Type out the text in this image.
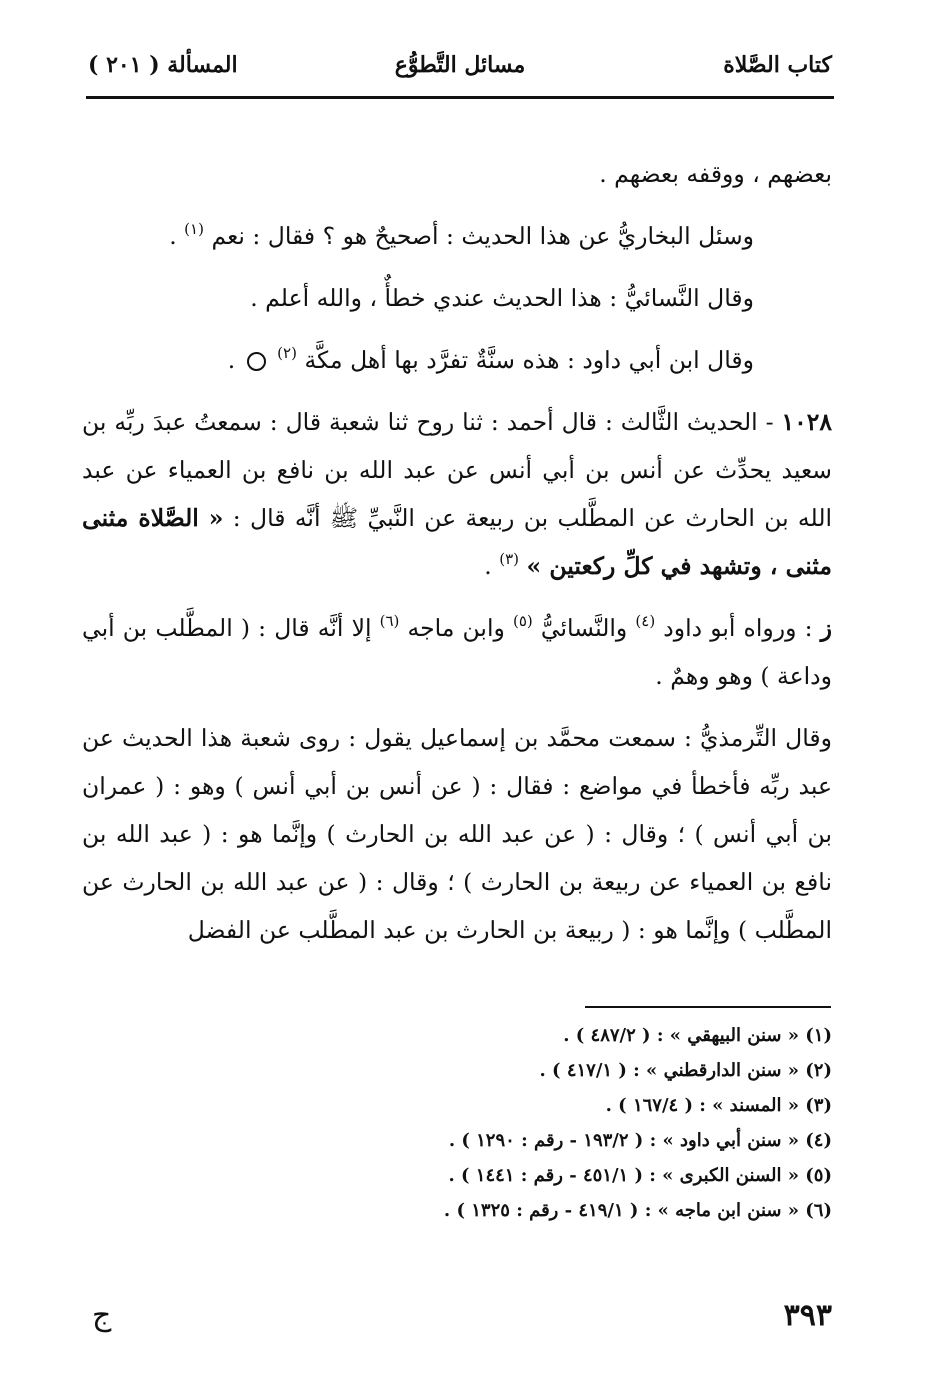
كتاب الصَّلاة
مسائل التَّطوُّع
المسألة ( ٢٠١ )

بعضهم ، ووقفه بعضهم .

وسئل البخاريُّ عن هذا الحديث : أصحيحٌ هو ؟ فقال : نعم $^{(١)}$ .

وقال النَّسائيُّ : هذا الحديث عندي خطأٌ ، والله أعلم .

وقال ابن أبي داود : هذه سنَّةٌ تفرَّد بها أهل مكَّة $^{(٢)}$  .

١٠٢٨ - الحديث الثَّالث : قال أحمد : ثنا روح ثنا شعبة قال : سمعتُ عبدَ ربِّه بن سعيد يحدِّث عن أنس بن أبي أنس عن عبد الله بن نافع بن العمياء عن عبد الله بن الحارث عن المطَّلب بن ربيعة عن النَّبيِّ ﷺ أنَّه قال : « الصَّلاة مثنى مثنى ، وتشهد في كلِّ ركعتين » $^{(٣)}$ .

ز : ورواه أبو داود $^{(٤)}$ والنَّسائيُّ $^{(٥)}$ وابن ماجه $^{(٦)}$ إلا أنَّه قال : ( المطَّلب بن أبي وداعة ) وهو وهمٌ .

وقال التِّرمذيُّ : سمعت محمَّد بن إسماعيل يقول : روى شعبة هذا الحديث عن عبد ربِّه فأخطأ في مواضع : فقال : ( عن أنس بن أبي أنس ) وهو : ( عمران بن أبي أنس ) ؛ وقال : ( عن عبد الله بن الحارث ) وإنَّما هو : ( عبد الله بن نافع بن العمياء عن ربيعة بن الحارث ) ؛ وقال : ( عن عبد الله بن الحارث عن المطَّلب ) وإنَّما هو : ( ربيعة بن الحارث بن عبد المطَّلب عن الفضل

(١) « سنن البيهقي » : ( ٤٨٧/٢ ) .
(٢) « سنن الدارقطني » : ( ٤١٧/١ ) .
(٣) « المسند » : ( ١٦٧/٤ ) .
(٤) « سنن أبي داود » : ( ١٩٣/٢ - رقم : ١٢٩٠ ) .
(٥) « السنن الكبرى » : ( ٤٥١/١ - رقم : ١٤٤١ ) .
(٦) « سنن ابن ماجه » : ( ٤١٩/١ - رقم : ١٣٢٥ ) .
٣٩٣
ج
